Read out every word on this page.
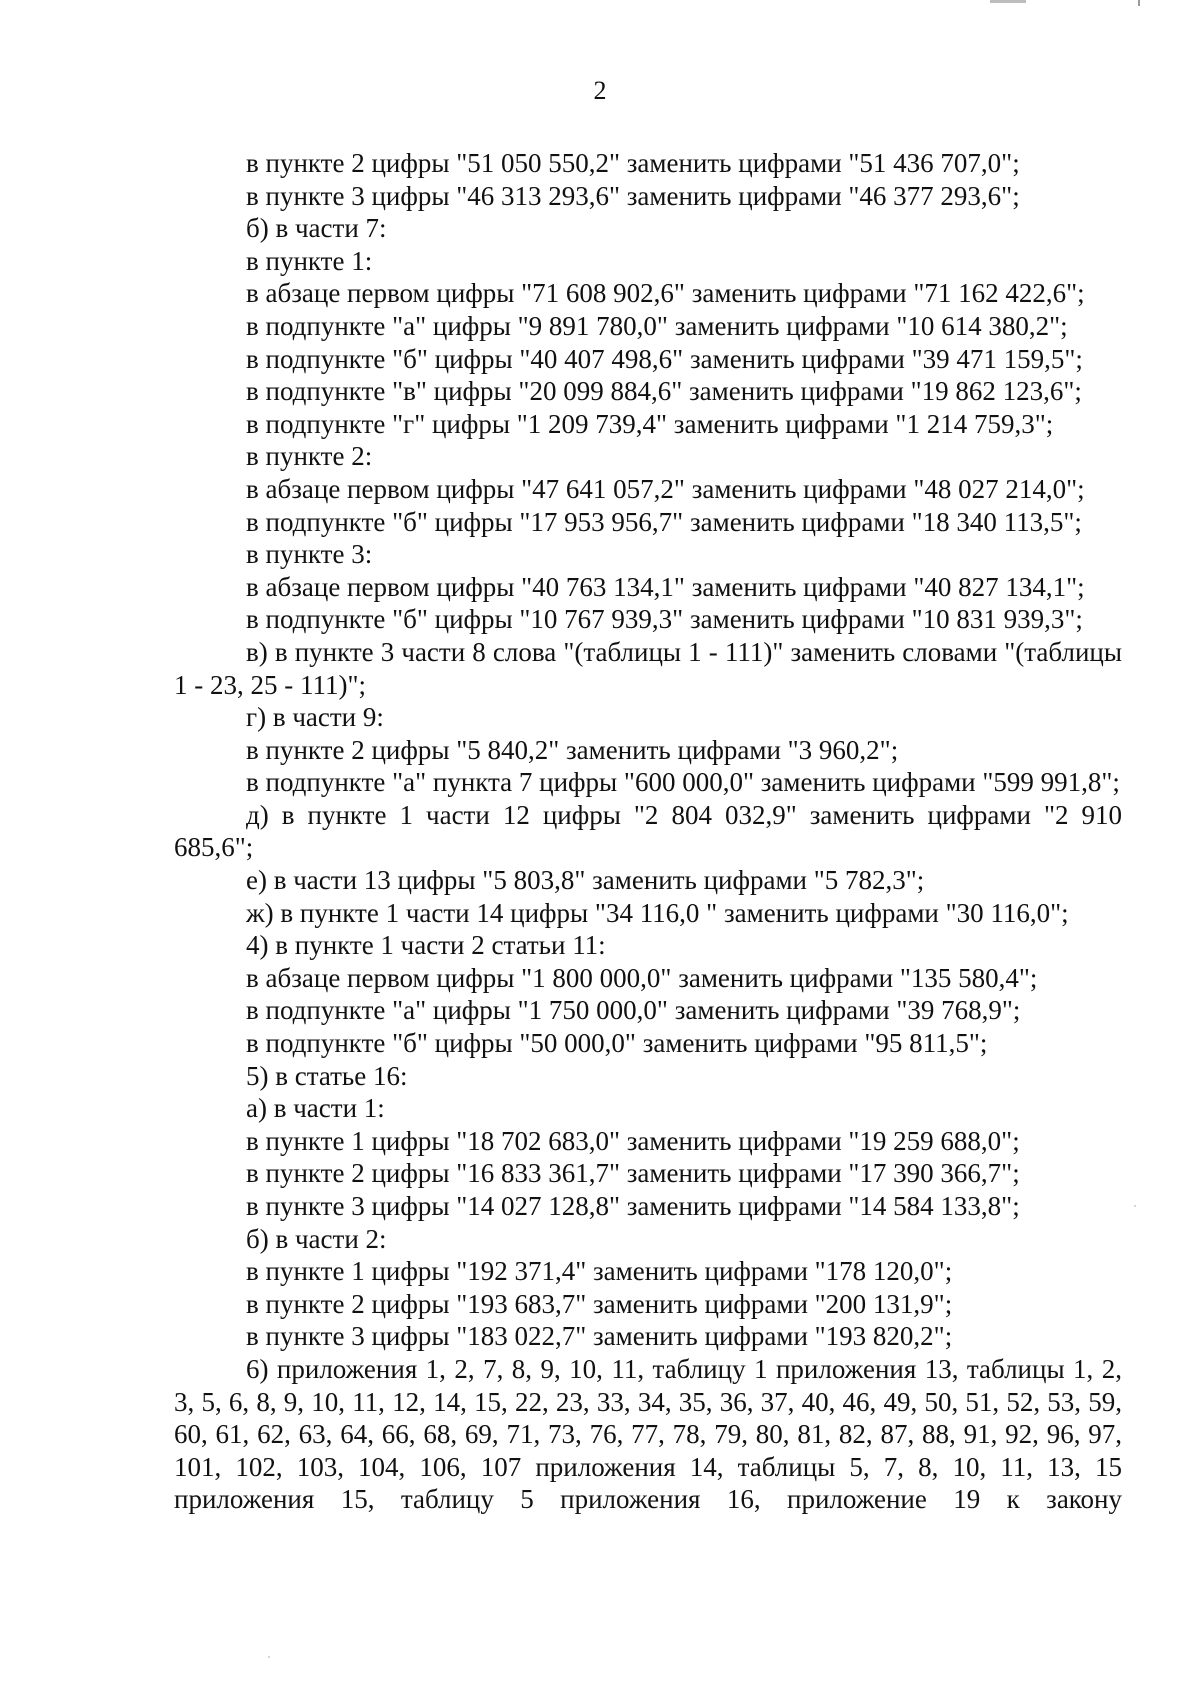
2

в пункте 2 цифры "51 050 550,2" заменить цифрами "51 436 707,0";

в пункте 3 цифры "46 313 293,6" заменить цифрами "46 377 293,6";

б) в части 7:

в пункте 1:

в абзаце первом цифры "71 608 902,6" заменить цифрами "71 162 422,6";

в подпункте "а" цифры "9 891 780,0" заменить цифрами "10 614 380,2";

в подпункте "б" цифры "40 407 498,6" заменить цифрами "39 471 159,5";

в подпункте "в" цифры "20 099 884,6" заменить цифрами "19 862 123,6";

в подпункте "г" цифры "1 209 739,4" заменить цифрами "1 214 759,3";

в пункте 2:

в абзаце первом цифры "47 641 057,2" заменить цифрами "48 027 214,0";

в подпункте "б" цифры "17 953 956,7" заменить цифрами "18 340 113,5";

в пункте 3:

в абзаце первом цифры "40 763 134,1" заменить цифрами "40 827 134,1";

в подпункте "б" цифры "10 767 939,3" заменить цифрами "10 831 939,3";

в) в пункте 3 части 8 слова "(таблицы 1 - 111)" заменить словами "(таблицы 1 - 23, 25 - 111)";

г) в части 9:

в пункте 2 цифры "5 840,2" заменить цифрами "3 960,2";

в подпункте "а" пункта 7 цифры "600 000,0" заменить цифрами "599 991,8";

д) в пункте 1 части 12 цифры "2 804 032,9" заменить цифрами "2 910 685,6";

е) в части 13 цифры "5 803,8" заменить цифрами "5 782,3";

ж) в пункте 1 части 14 цифры "34 116,0 " заменить цифрами "30 116,0";

4) в пункте 1 части 2 статьи 11:

в абзаце первом цифры "1 800 000,0" заменить цифрами "135 580,4";

в подпункте "а" цифры "1 750 000,0" заменить цифрами "39 768,9";

в подпункте "б" цифры "50 000,0" заменить цифрами "95 811,5";

5) в статье 16:

а) в части 1:

в пункте 1 цифры "18 702 683,0" заменить цифрами "19 259 688,0";

в пункте 2 цифры "16 833 361,7" заменить цифрами "17 390 366,7";

в пункте 3 цифры "14 027 128,8" заменить цифрами "14 584 133,8";

б) в части 2:

в пункте 1 цифры "192 371,4" заменить цифрами "178 120,0";

в пункте 2 цифры "193 683,7" заменить цифрами "200 131,9";

в пункте 3 цифры "183 022,7" заменить цифрами "193 820,2";

6) приложения 1, 2, 7, 8, 9, 10, 11, таблицу 1 приложения 13, таблицы 1, 2, 3, 5, 6, 8, 9, 10, 11, 12, 14, 15, 22, 23, 33, 34, 35, 36, 37, 40, 46, 49, 50, 51, 52, 53, 59, 60, 61, 62, 63, 64, 66, 68, 69, 71, 73, 76, 77, 78, 79, 80, 81, 82, 87, 88, 91, 92, 96, 97, 101, 102, 103, 104, 106, 107 приложения 14, таблицы 5, 7, 8, 10, 11, 13, 15 приложения 15, таблицу 5 приложения 16, приложение 19 к закону
